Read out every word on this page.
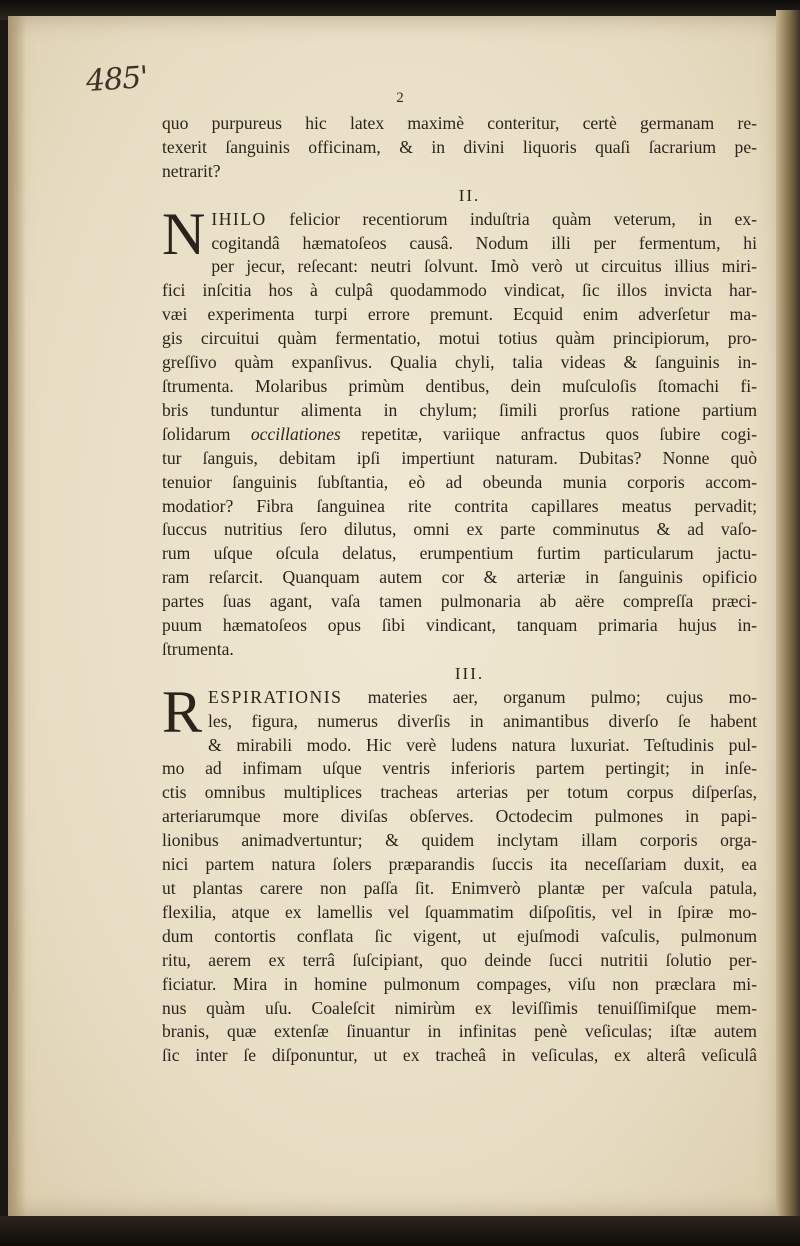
485'	2
quo purpureus hic latex maximè conteritur, certè germanam re-
texerit ſanguinis officinam, & in divini liquoris quaſi ſacrarium pe-
netrarit?
II.
N IHILO felicior recentiorum induſtria quàm veterum, in ex-
cogitandâ hæmatoſeos causâ. Nodum illi per fermentum, hi
per jecur, reſecant: neutri ſolvunt. Imò verò ut circuitus illius miri-
fici inſcitia hos à culpâ quodammodo vindicat, ſic illos invicta har-
væi experimenta turpi errore premunt. Ecquid enim adverſetur ma-
gis circuitui quàm fermentatio, motui totius quàm principiorum, pro-
greſſivo quàm expanſivus. Qualia chyli, talia videas & ſanguinis in-
ſtrumenta. Molaribus primùm dentibus, dein muſculoſis ſtomachi fi-
bris tunduntur alimenta in chylum; ſimili prorſus ratione partium
ſolidarum occillationes repetitæ, variique anfractus quos ſubire cogi-
tur ſanguis, debitam ipſi impertiunt naturam. Dubitas? Nonne quò
tenuior ſanguinis ſubſtantia, eò ad obeunda munia corporis accom-
modatior? Fibra ſanguinea rite contrita capillares meatus pervadit;
ſuccus nutritius ſero dilutus, omni ex parte comminutus & ad vaſo-
rum uſque oſcula delatus, erumpentium furtim particularum jactu-
ram reſarcit. Quanquam autem cor & arteriæ in ſanguinis opificio
partes ſuas agant, vaſa tamen pulmonaria ab aëre compreſſa præci-
puum hæmatoſeos opus ſibi vindicant, tanquam primaria hujus in-
ſtrumenta.
III.
R ESPIRATIONIS materies aer, organum pulmo; cujus mo-
les, figura, numerus diverſis in animantibus diverſo ſe habent
& mirabili modo. Hic verè ludens natura luxuriat. Teſtudinis pul-
mo ad infimam uſque ventris inferioris partem pertingit; in inſe-
ctis omnibus multiplices tracheas arterias per totum corpus diſperſas,
arteriarumque more diviſas obſerves. Octodecim pulmones in papi-
lionibus animadvertuntur; & quidem inclytam illam corporis orga-
nici partem natura ſolers præparandis ſuccis ita neceſſariam duxit, ea
ut plantas carere non paſſa ſit. Enimverò plantæ per vaſcula patula,
flexilia, atque ex lamellis vel ſquammatim diſpoſitis, vel in ſpiræ mo-
dum contortis conflata ſic vigent, ut ejuſmodi vaſculis, pulmonum
ritu, aerem ex terrâ ſuſcipiant, quo deinde ſucci nutritii ſolutio per-
ficiatur. Mira in homine pulmonum compages, viſu non præclara mi-
nus quàm uſu. Coaleſcit nimirùm ex leviſſimis tenuiſſimiſque mem-
branis, quæ extenſæ ſinuantur in infinitas penè veſiculas; iſtæ autem
ſic inter ſe diſponuntur, ut ex tracheâ in veſiculas, ex alterâ veſiculâ
